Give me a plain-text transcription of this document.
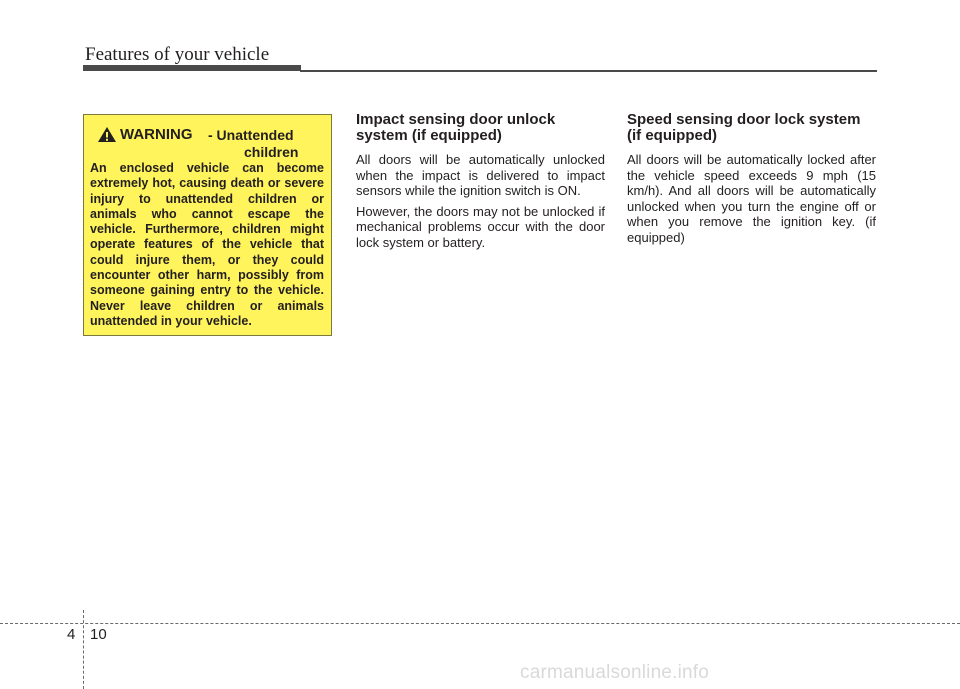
Features of your vehicle
WARNING - Unattended
children

An enclosed vehicle can become extremely hot, causing death or severe injury to unattended children or animals who cannot escape the vehicle. Furthermore, children might operate features of the vehicle that could injure them, or they could encounter other harm, possibly from someone gaining entry to the vehicle. Never leave children or animals unattended in your vehicle.

Impact sensing door unlock system (if equipped)

All doors will be automatically unlocked when the impact is delivered to impact sensors while the ignition switch is ON.

However, the doors may not be unlocked if mechanical problems occur with the door lock system or battery.

Speed sensing door lock system (if equipped)

All doors will be automatically locked after the vehicle speed exceeds 9 mph (15 km/h). And all doors will be automatically unlocked when you turn the engine off or when you remove the ignition key. (if equipped)

4 10
carmanualsonline.info
